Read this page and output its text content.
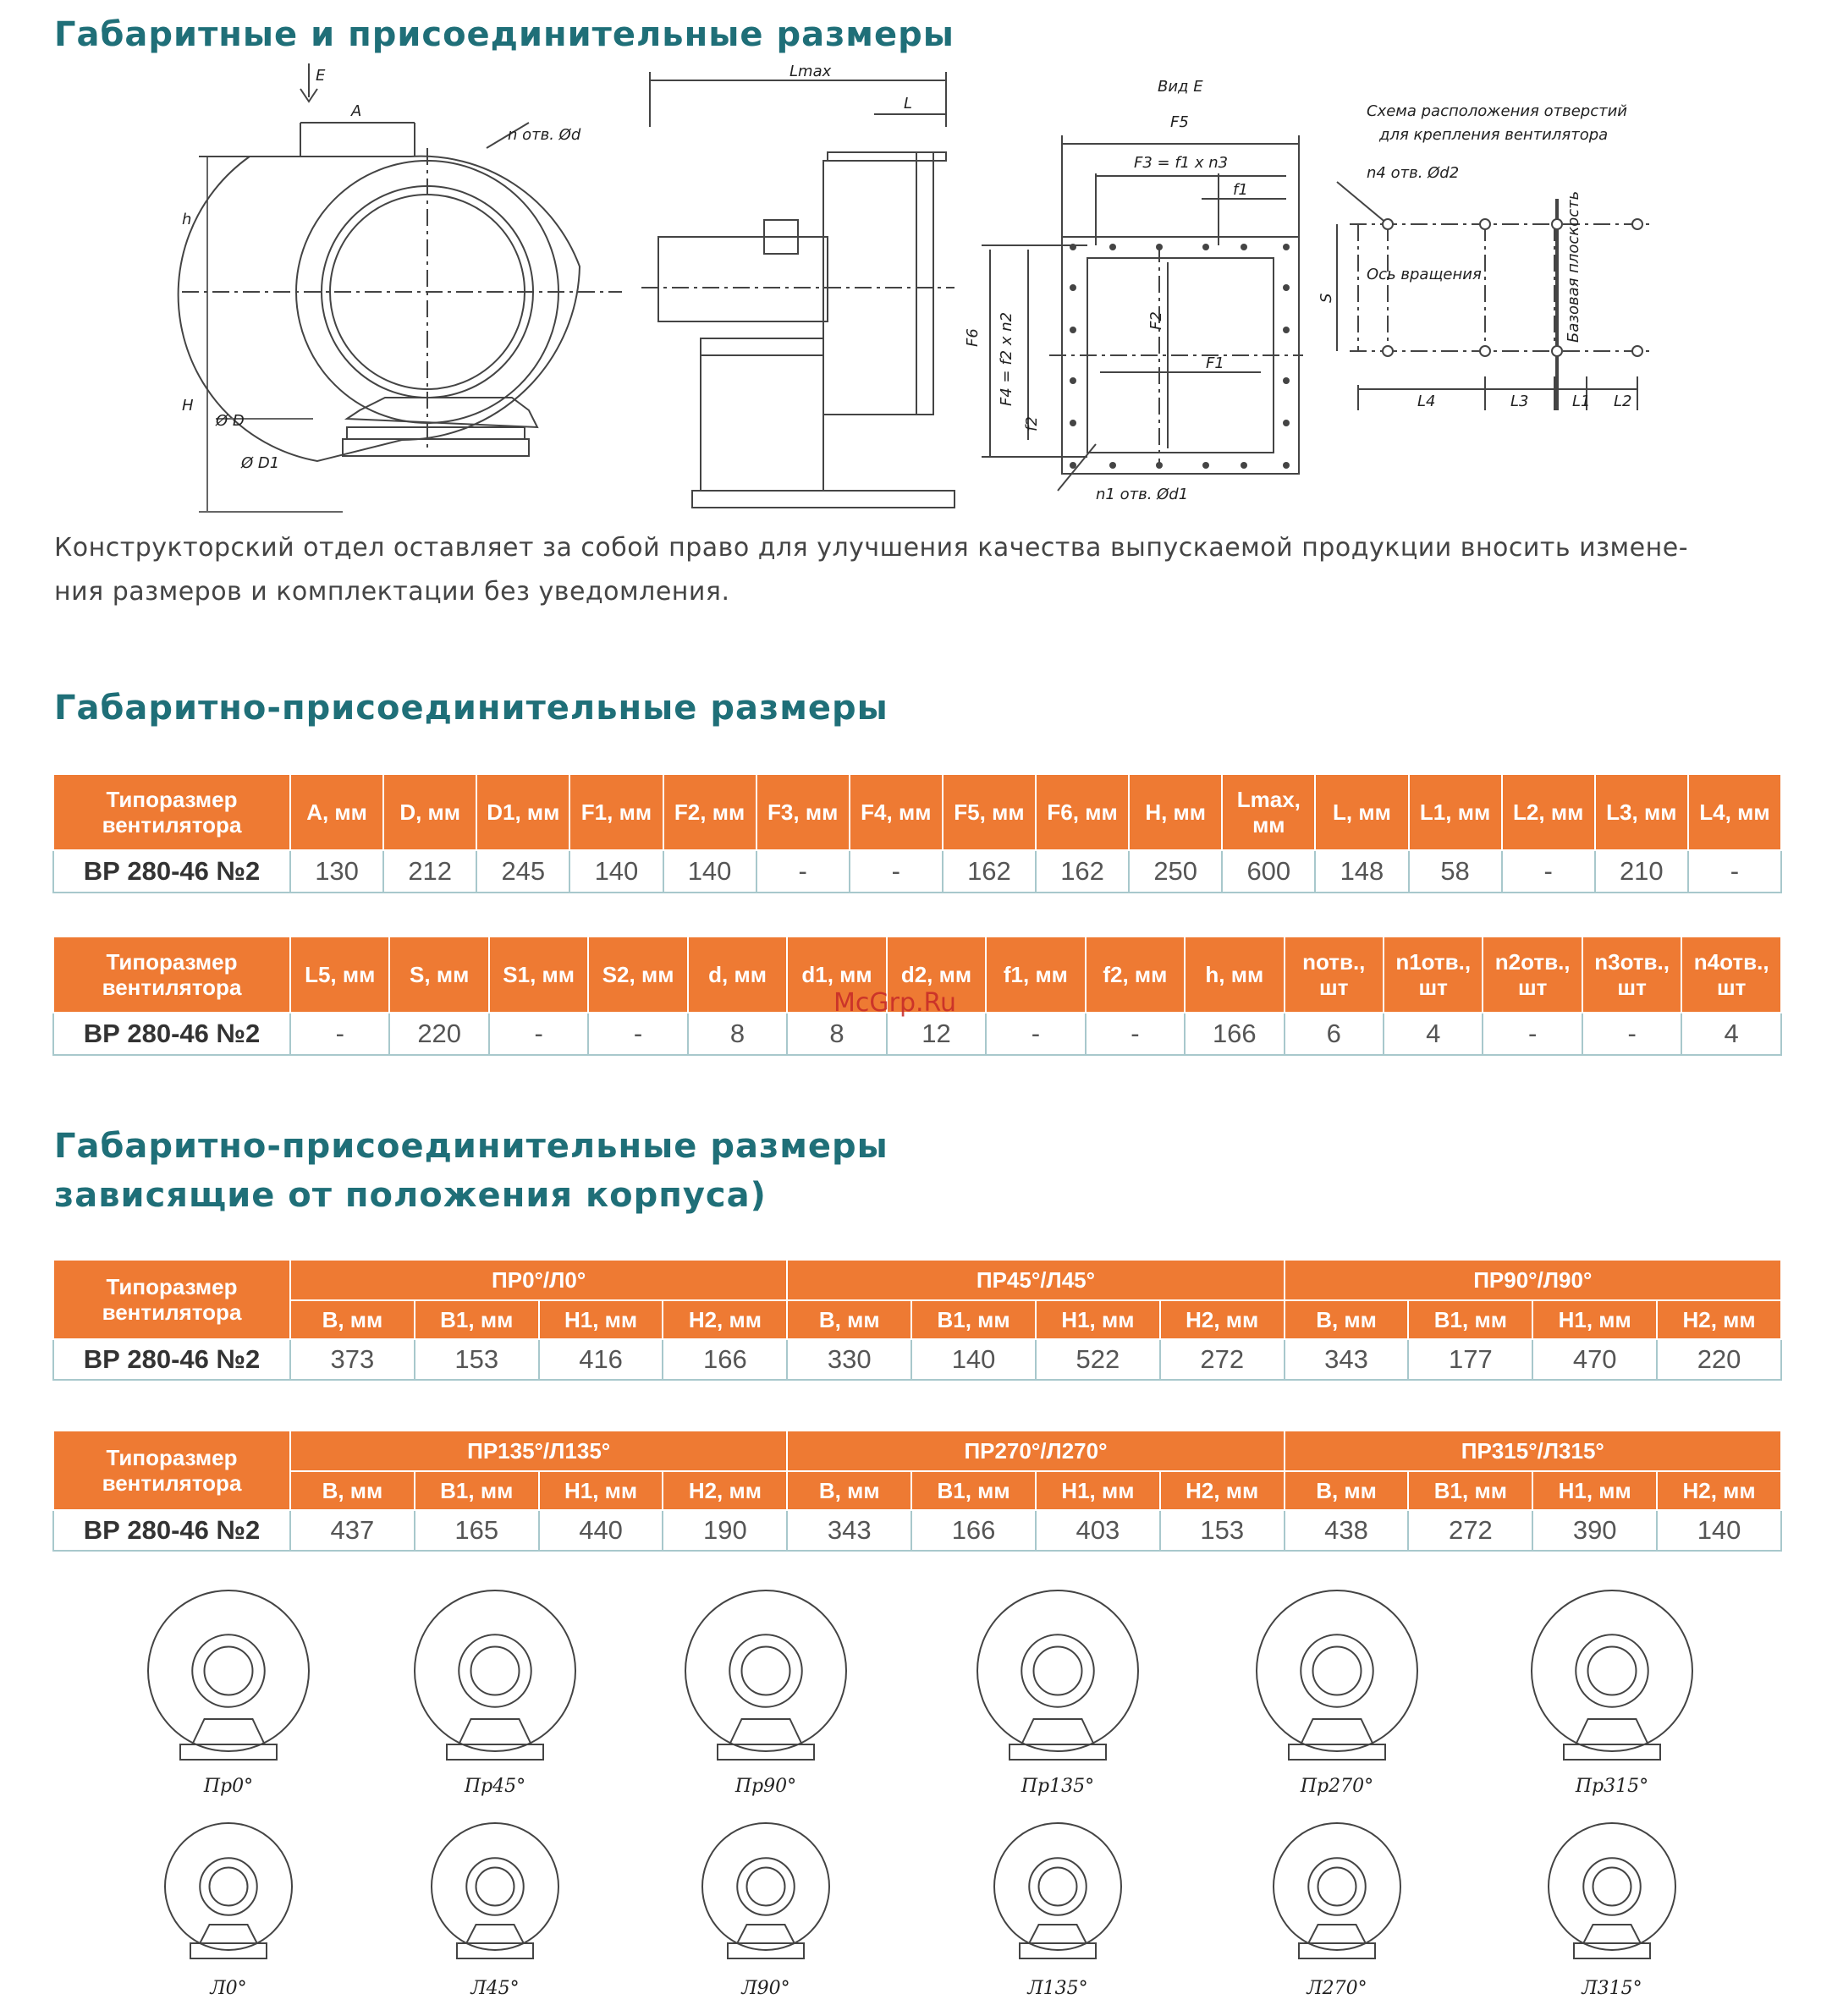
Габаритные и присоединительные размеры
E
A
n отв. Ød
h
H
Ø D
Ø D1
Lmax
L
Вид Е
F5
F3 = f1 x n3
f1
F6 F4 = f2 x n2
f2
F2
F1
n1 отв. Ød1
Схема расположения отверстий
для крепления вентилятора
n4 отв. Ød2
S
Ось вращения	Базовая плоскость
L4	L3	L1 L2
Конструкторский отдел оставляет за собой право для улучшения качества выпускаемой продукции вносить измене-
ния размеров и комплектации без уведомления.
Габаритно-присоединительные размеры
Типоразмер вентилятора	A, мм	D, мм	D1, мм	F1, мм	F2, мм	F3, мм	F4, мм	F5, мм	F6, мм	H, мм	Lmax, мм	L, мм	L1, мм	L2, мм	L3, мм	L4, мм
ВР 280-46 №2	130	212	245	140	140	-	-	162	162	250	600	148	58	-	210	-
Типоразмер вентилятора	L5, мм	S, мм	S1, мм	S2, мм	d, мм	d1, мм	d2, мм	f1, мм	f2, мм	h, мм	nотв., шт	n1отв., шт	n2отв., шт	n3отв., шт	n4отв., шт
ВР 280-46 №2	-	220	-	-	8	8	12	-	-	166	6	4	-	-	4
McGrp.Ru
Габаритно-присоединительные размеры
зависящие от положения корпуса)
Типоразмер вентилятора	ПР0°/Л0°				ПР45°/Л45°				ПР90°/Л90°			
	В, мм	В1, мм	Н1, мм	Н2, мм	В, мм	В1, мм	Н1, мм	Н2, мм	В, мм	В1, мм	Н1, мм	Н2, мм
ВР 280-46 №2	373	153	416	166	330	140	522	272	343	177	470	220
Типоразмер вентилятора	ПР135°/Л135°				ПР270°/Л270°				ПР315°/Л315°			
	В, мм	В1, мм	Н1, мм	Н2, мм	В, мм	В1, мм	Н1, мм	Н2, мм	В, мм	В1, мм	Н1, мм	Н2, мм
ВР 280-46 №2	437	165	440	190	343	166	403	153	438	272	390	140
Пр0°	Пр45°	Пр90°	Пр135°	Пр270°	Пр315°
Л0°	Л45°	Л90°	Л135°	Л270°	Л315°
